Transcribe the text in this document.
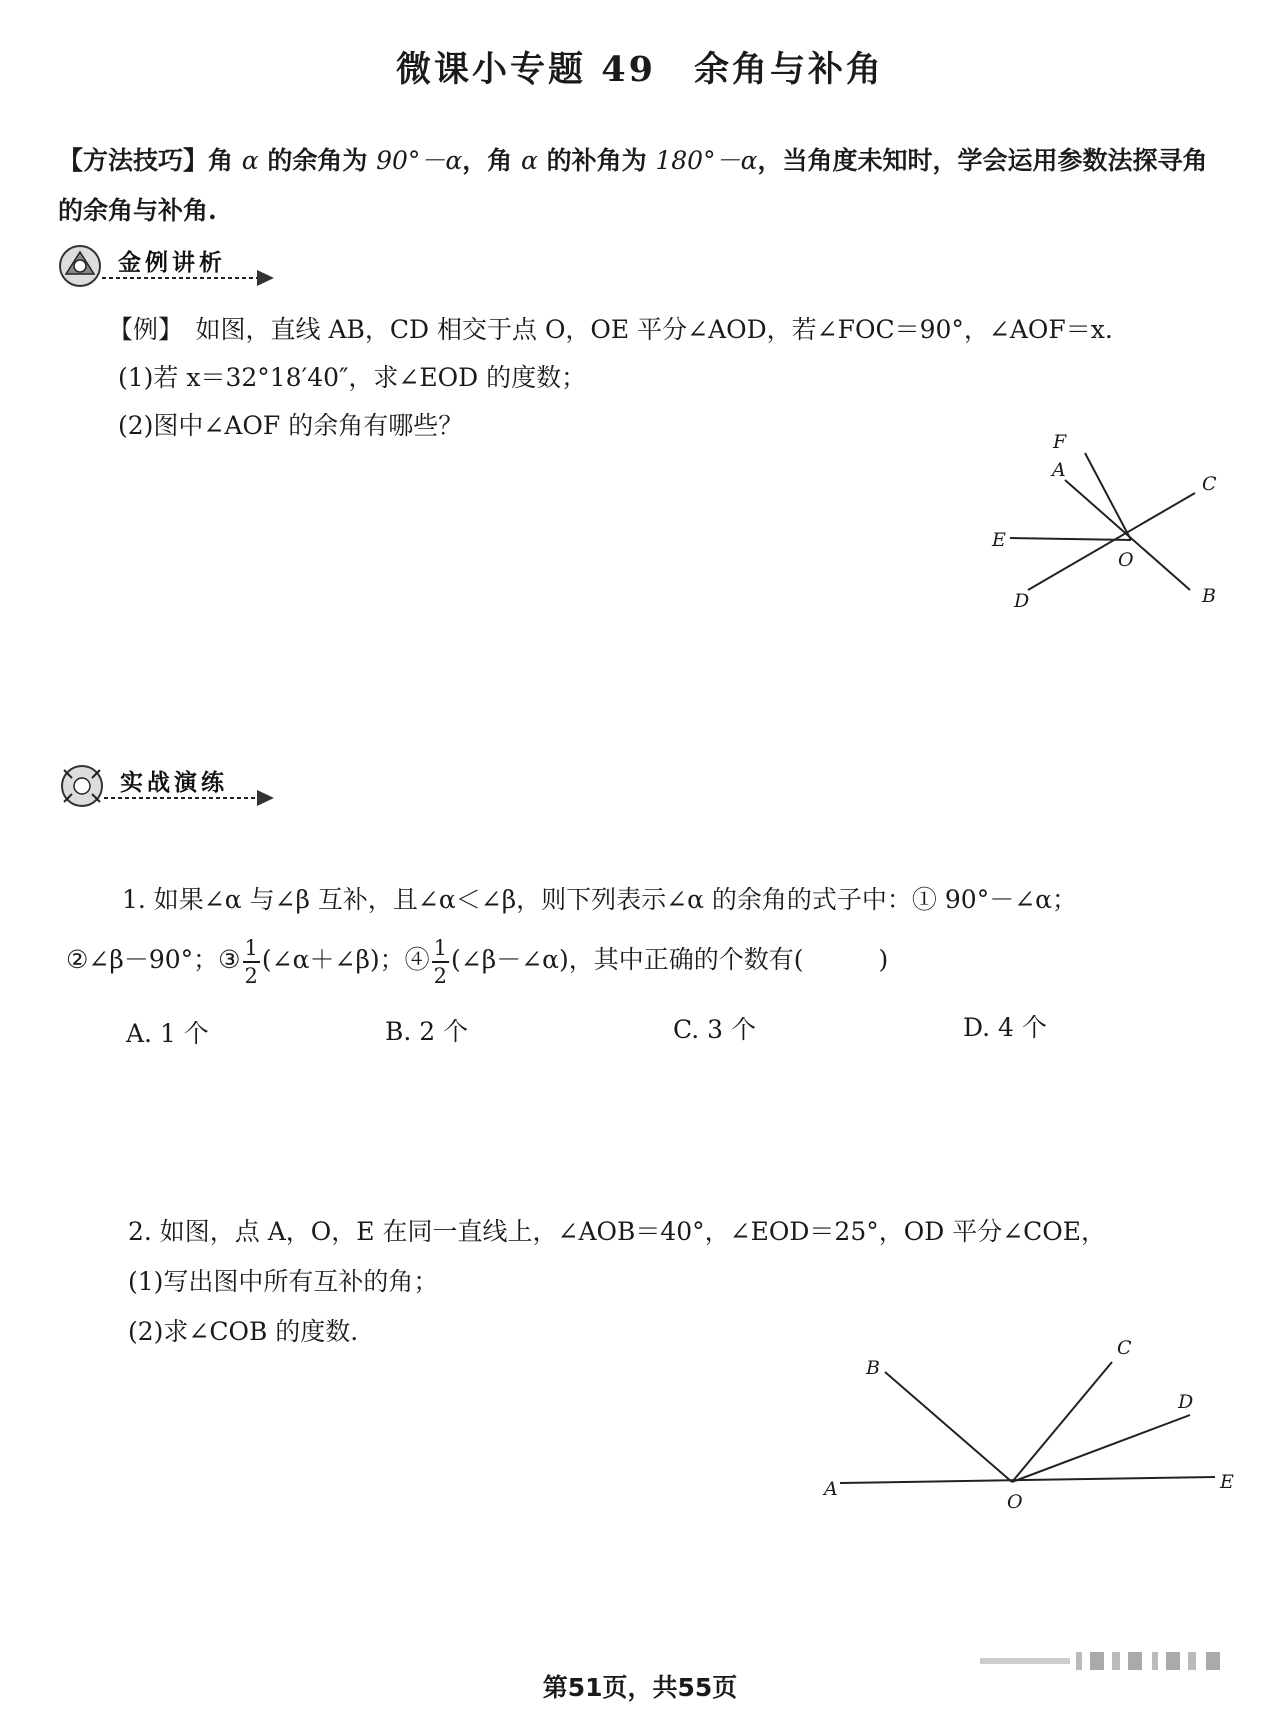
微课小专题 49　余角与补角
【方法技巧】角 α 的余角为 90°－α，角 α 的补角为 180°－α，当角度未知时，学会运用参数法探寻角的余角与补角.
金例讲析
【例】　如图，直线 AB，CD 相交于点 O，OE 平分∠AOD，若∠FOC＝90°，∠AOF＝x.
(1)若 x＝32°18′40″，求∠EOD 的度数；
(2)图中∠AOF 的余角有哪些？
A
F
C
E
O
D	B
实战演练
1. 如果∠α 与∠β 互补，且∠α＜∠β，则下列表示∠α 的余角的式子中：① 90°－∠α；
②∠β－90°；③ $\frac{1}{2}$ (∠α＋∠β)；④ $\frac{1}{2}$ (∠β－∠α)，其中正确的个数有(　　　)
A. 1 个	B. 2 个	C. 3 个	D. 4 个
2. 如图，点 A，O，E 在同一直线上，∠AOB＝40°，∠EOD＝25°，OD 平分∠COE，
(1)写出图中所有互补的角；
(2)求∠COB 的度数.
B
C
D
A
O
E
第51页，共55页
